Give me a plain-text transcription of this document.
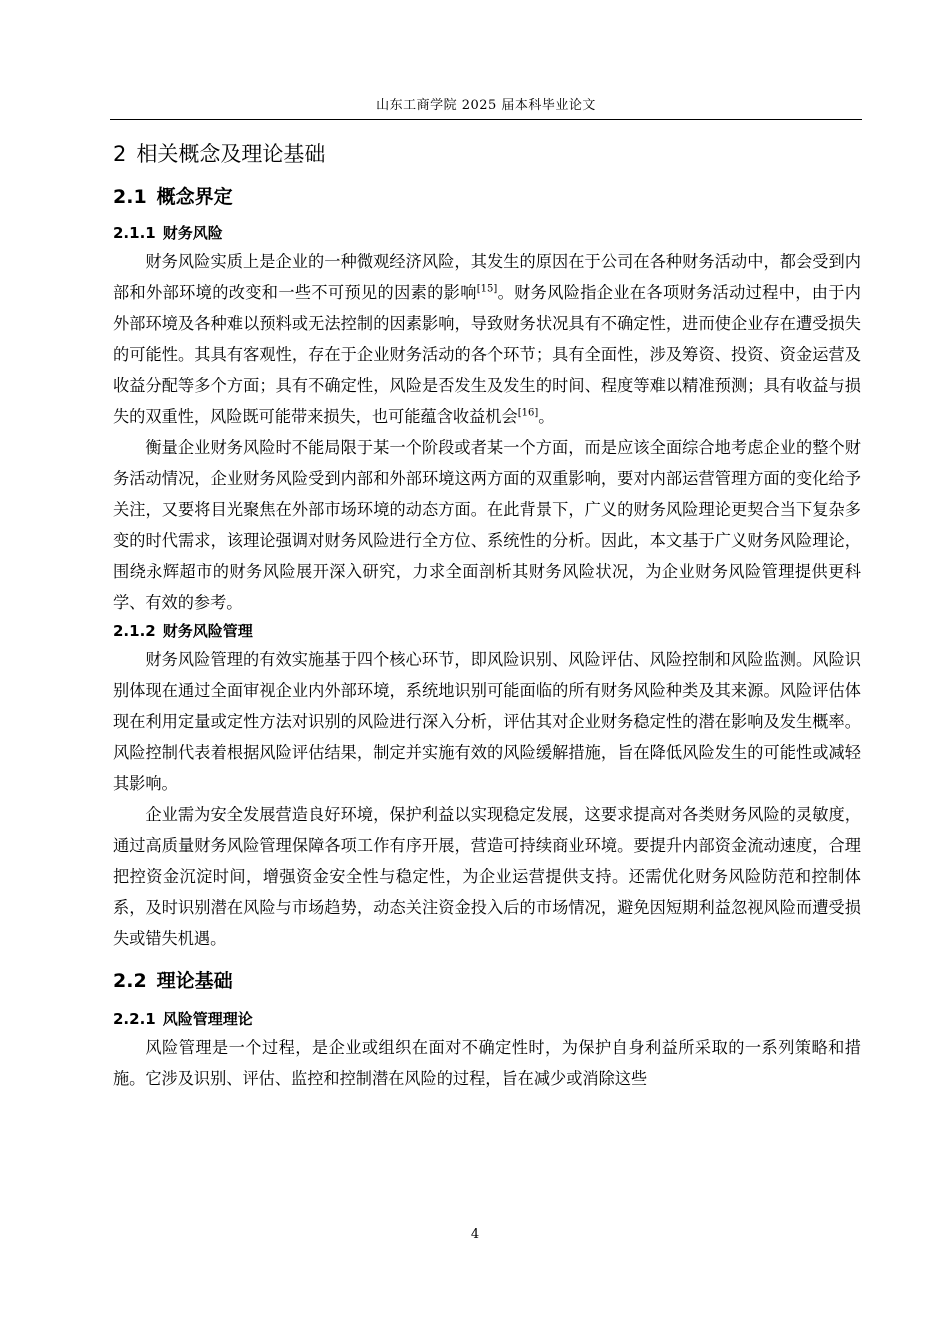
山东工商学院 2025 届本科毕业论文
2 相关概念及理论基础
2.1 概念界定
2.1.1 财务风险

财务风险实质上是企业的一种微观经济风险，其发生的原因在于公司在各种财务活动中，都会受到内部和外部环境的改变和一些不可预见的因素的影响[15]。财务风险指企业在各项财务活动过程中，由于内外部环境及各种难以预料或无法控制的因素影响，导致财务状况具有不确定性，进而使企业存在遭受损失的可能性。其具有客观性，存在于企业财务活动的各个环节；具有全面性，涉及筹资、投资、资金运营及收益分配等多个方面；具有不确定性，风险是否发生及发生的时间、程度等难以精准预测；具有收益与损失的双重性，风险既可能带来损失，也可能蕴含收益机会[16]。

衡量企业财务风险时不能局限于某一个阶段或者某一个方面，而是应该全面综合地考虑企业的整个财务活动情况，企业财务风险受到内部和外部环境这两方面的双重影响，要对内部运营管理方面的变化给予关注，又要将目光聚焦在外部市场环境的动态方面。在此背景下，广义的财务风险理论更契合当下复杂多变的时代需求，该理论强调对财务风险进行全方位、系统性的分析。因此，本文基于广义财务风险理论，围绕永辉超市的财务风险展开深入研究，力求全面剖析其财务风险状况，为企业财务风险管理提供更科学、有效的参考。

2.1.2 财务风险管理

财务风险管理的有效实施基于四个核心环节，即风险识别、风险评估、风险控制和风险监测。风险识别体现在通过全面审视企业内外部环境，系统地识别可能面临的所有财务风险种类及其来源。风险评估体现在利用定量或定性方法对识别的风险进行深入分析，评估其对企业财务稳定性的潜在影响及发生概率。风险控制代表着根据风险评估结果，制定并实施有效的风险缓解措施，旨在降低风险发生的可能性或减轻其影响。

企业需为安全发展营造良好环境，保护利益以实现稳定发展，这要求提高对各类财务风险的灵敏度，通过高质量财务风险管理保障各项工作有序开展，营造可持续商业环境。要提升内部资金流动速度，合理把控资金沉淀时间，增强资金安全性与稳定性，为企业运营提供支持。还需优化财务风险防范和控制体系，及时识别潜在风险与市场趋势，动态关注资金投入后的市场情况，避免因短期利益忽视风险而遭受损失或错失机遇。

2.2 理论基础
2.2.1 风险管理理论

风险管理是一个过程，是企业或组织在面对不确定性时，为保护自身利益所采取的一系列策略和措施。它涉及识别、评估、监控和控制潜在风险的过程，旨在减少或消除这些

4
